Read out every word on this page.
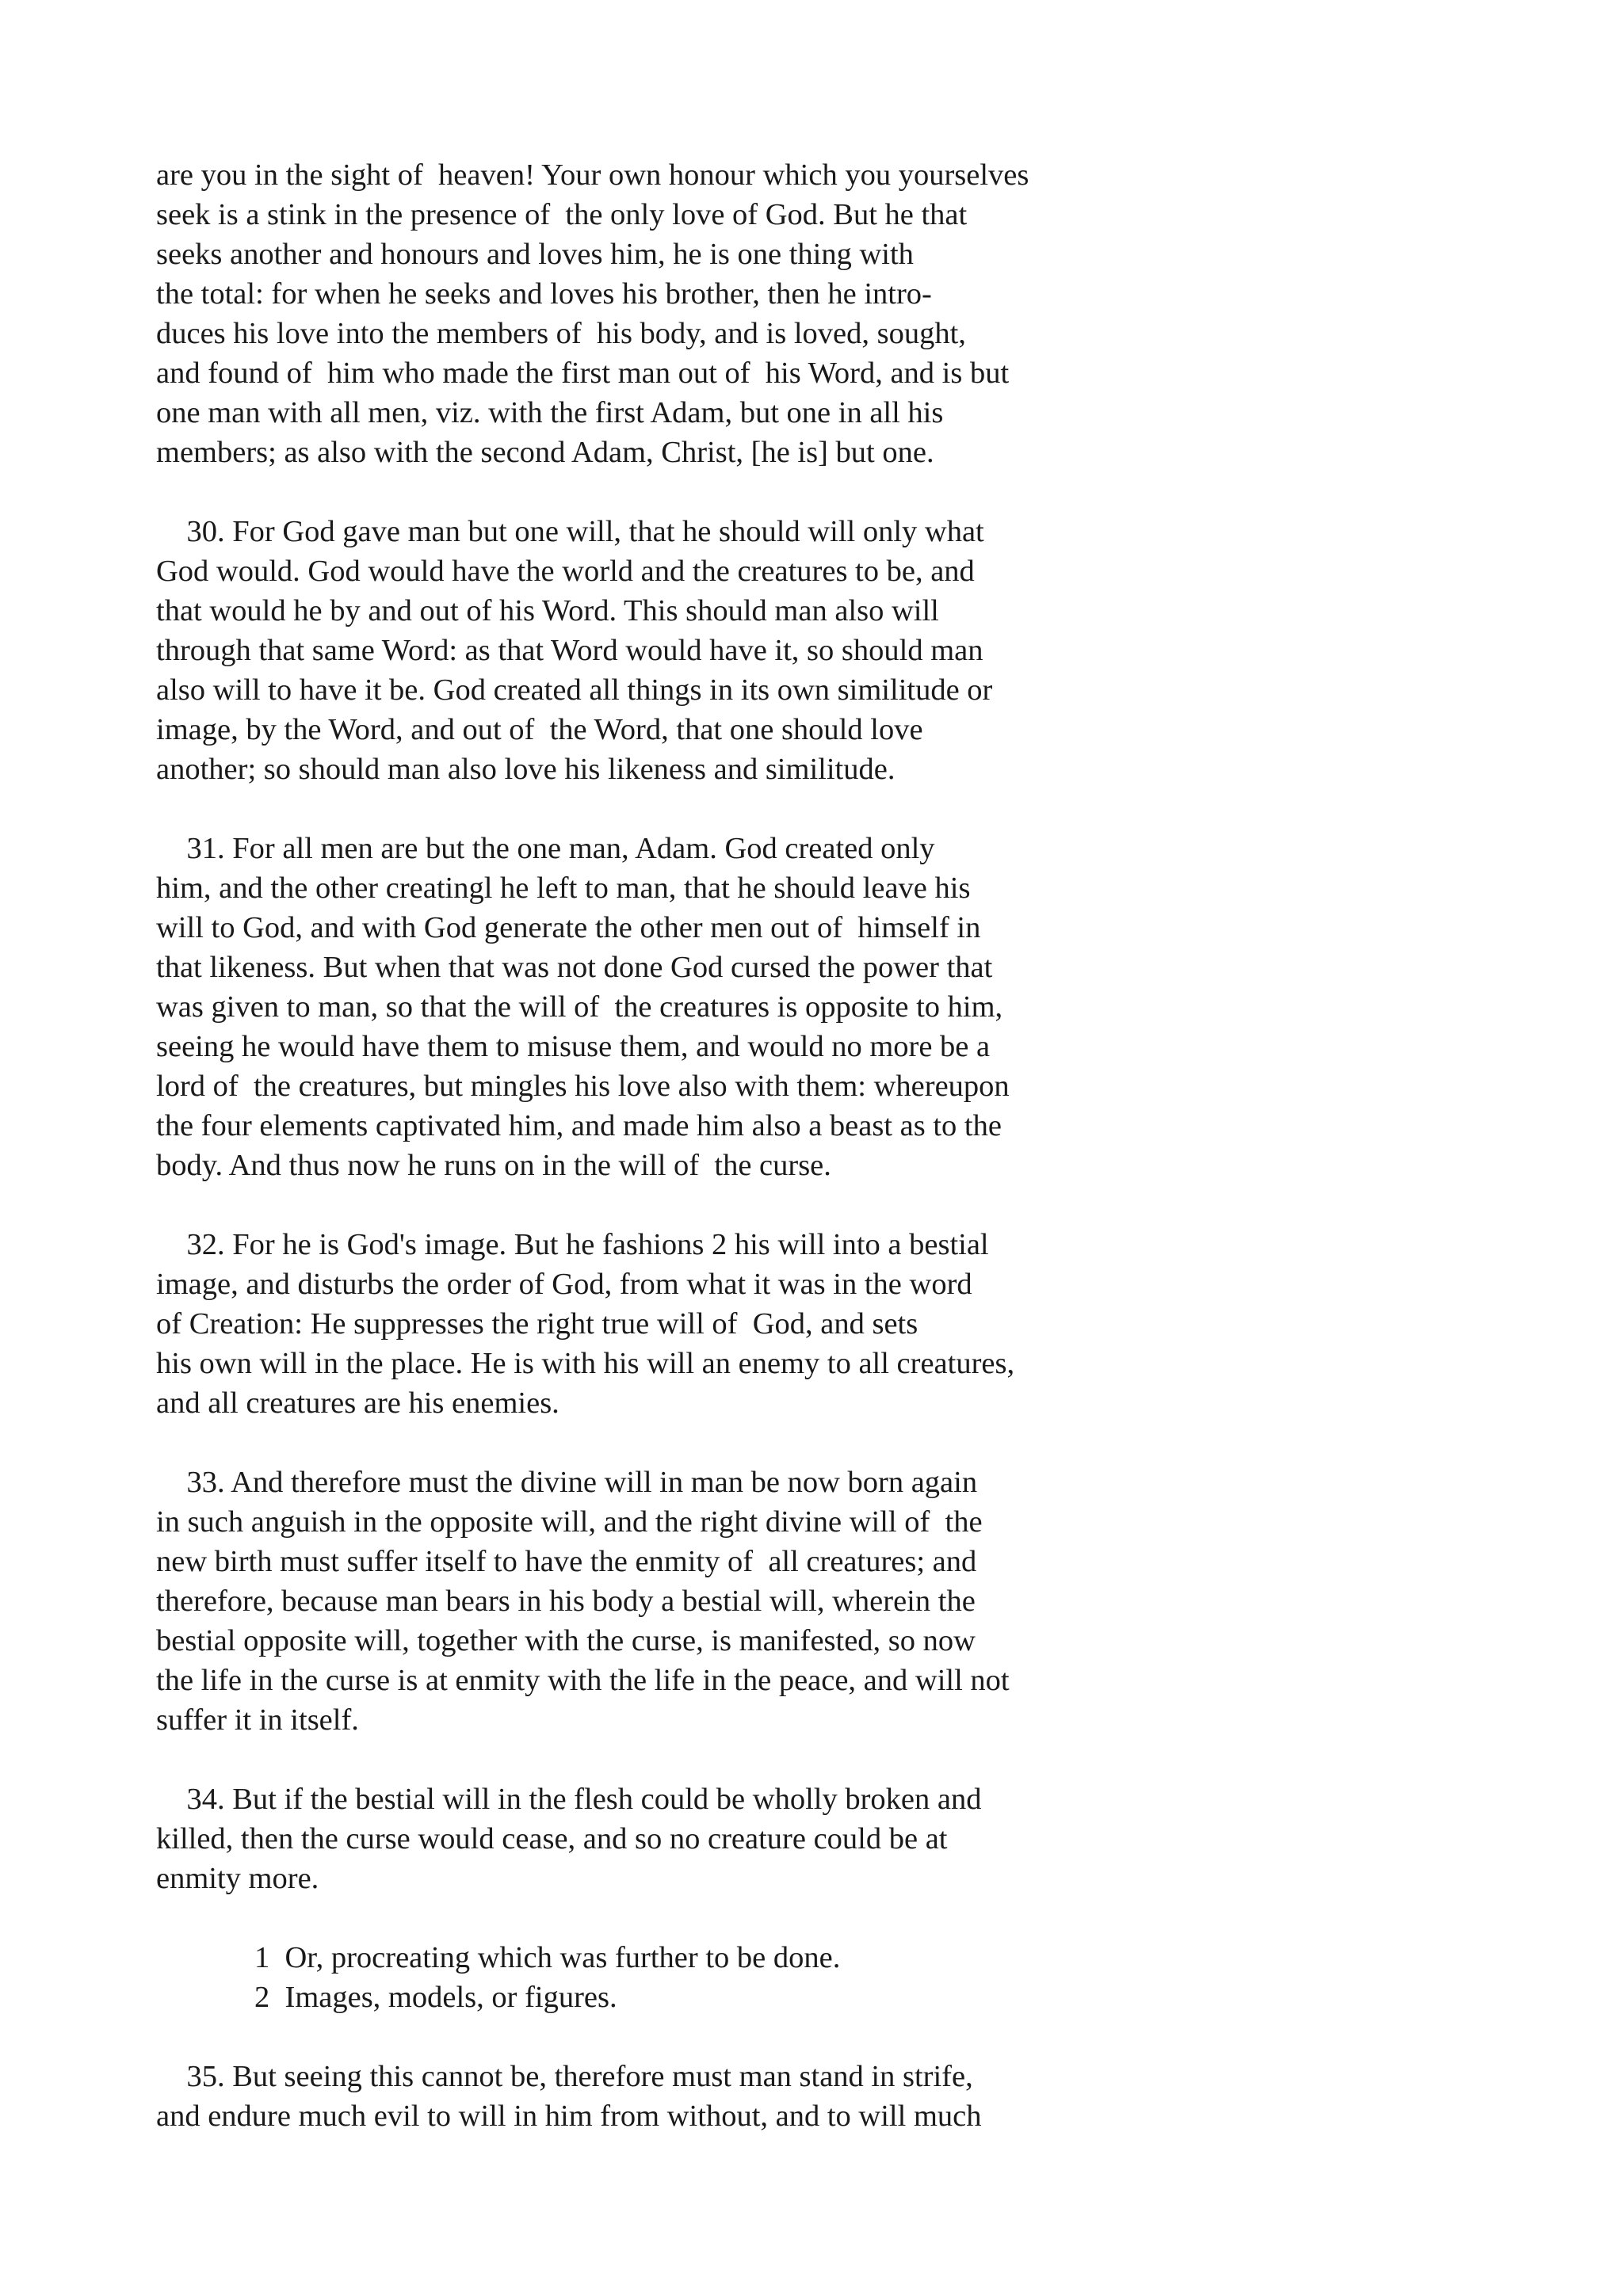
are you in the sight of  heaven! Your own honour which you yourselves
seek is a stink in the presence of  the only love of God. But he that
seeks another and honours and loves him, he is one thing with
the total: for when he seeks and loves his brother, then he intro-
duces his love into the members of  his body, and is loved, sought,
and found of  him who made the first man out of  his Word, and is but
one man with all men, viz. with the first Adam, but one in all his
members; as also with the second Adam, Christ, [he is] but one.
30. For God gave man but one will, that he should will only what
God would. God would have the world and the creatures to be, and
that would he by and out of his Word. This should man also will
through that same Word: as that Word would have it, so should man
also will to have it be. God created all things in its own similitude or
image, by the Word, and out of  the Word, that one should love
another; so should man also love his likeness and similitude.
31. For all men are but the one man, Adam. God created only
him, and the other creatingl he left to man, that he should leave his
will to God, and with God generate the other men out of  himself in
that likeness. But when that was not done God cursed the power that
was given to man, so that the will of  the creatures is opposite to him,
seeing he would have them to misuse them, and would no more be a
lord of  the creatures, but mingles his love also with them: whereupon
the four elements captivated him, and made him also a beast as to the
body. And thus now he runs on in the will of  the curse.
32. For he is God's image. But he fashions 2 his will into a bestial
image, and disturbs the order of God, from what it was in the word
of Creation: He suppresses the right true will of  God, and sets
his own will in the place. He is with his will an enemy to all creatures,
and all creatures are his enemies.
33. And therefore must the divine will in man be now born again
in such anguish in the opposite will, and the right divine will of  the
new birth must suffer itself to have the enmity of  all creatures; and
therefore, because man bears in his body a bestial will, wherein the
bestial opposite will, together with the curse, is manifested, so now
the life in the curse is at enmity with the life in the peace, and will not
suffer it in itself.
34. But if the bestial will in the flesh could be wholly broken and
killed, then the curse would cease, and so no creature could be at
enmity more.
1  Or, procreating which was further to be done.
2  Images, models, or figures.
35. But seeing this cannot be, therefore must man stand in strife,
and endure much evil to will in him from without, and to will much
